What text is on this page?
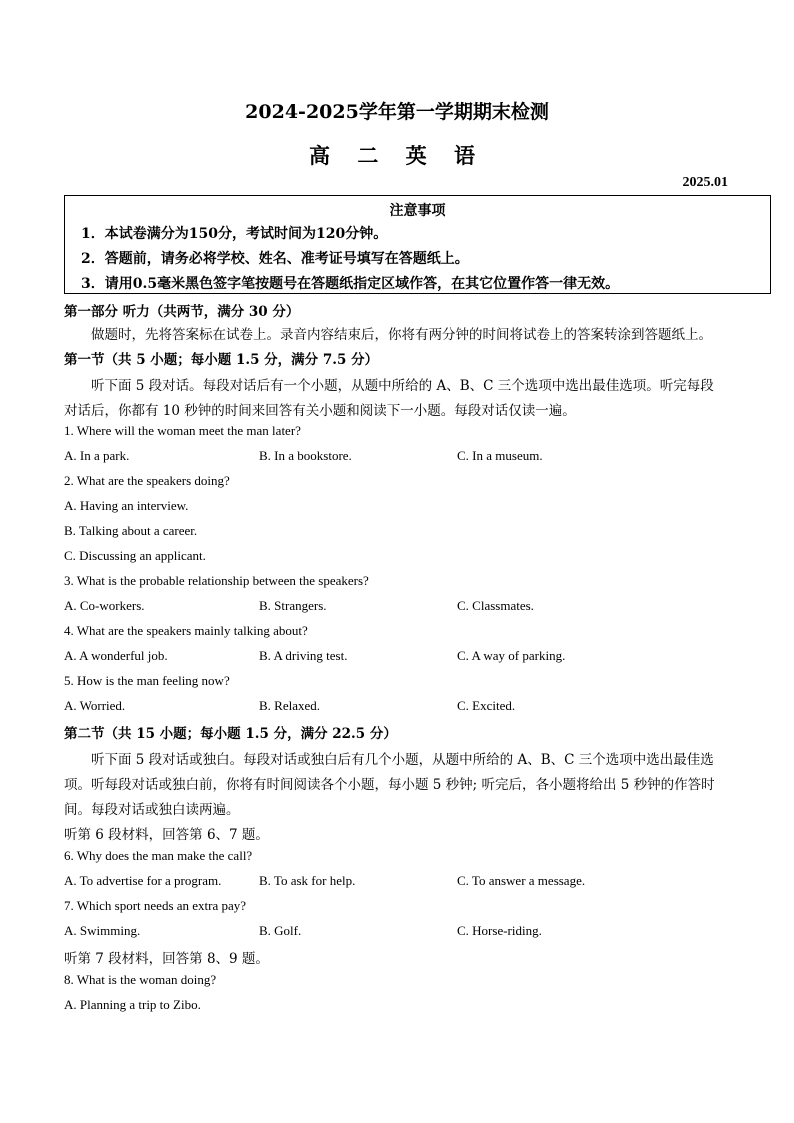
2024-2025学年第一学期期末检测
高 二 英 语
2025.01
注意事项
1．本试卷满分为150分，考试时间为120分钟。
2．答题前，请务必将学校、姓名、准考证号填写在答题纸上。
3．请用0.5毫米黑色签字笔按题号在答题纸指定区域作答，在其它位置作答一律无效。
第一部分 听力（共两节，满分 30 分）
做题时，先将答案标在试卷上。录音内容结束后，你将有两分钟的时间将试卷上的答案转涂到答题纸上。
第一节（共 5 小题；每小题 1.5 分，满分 7.5 分）
听下面 5 段对话。每段对话后有一个小题，从题中所给的 A、B、C 三个选项中选出最佳选项。听完每段
对话后，你都有 10 秒钟的时间来回答有关小题和阅读下一小题。每段对话仅读一遍。
1. Where will the woman meet the man later?
A. In a park.	B. In a bookstore.	C. In a museum.
2. What are the speakers doing?
A. Having an interview.
B. Talking about a career.
C. Discussing an applicant.
3. What is the probable relationship between the speakers?
A. Co-workers.	B. Strangers.	C. Classmates.
4. What are the speakers mainly talking about?
A. A wonderful job.	B. A driving test.	C. A way of parking.
5. How is the man feeling now?
A. Worried.	B. Relaxed.	C. Excited.
第二节（共 15 小题；每小题 1.5 分，满分 22.5 分）
听下面 5 段对话或独白。每段对话或独白后有几个小题，从题中所给的 A、B、C 三个选项中选出最佳选
项。听每段对话或独白前，你将有时间阅读各个小题，每小题 5 秒钟; 听完后，各小题将给出 5 秒钟的作答时
间。每段对话或独白读两遍。
听第 6 段材料，回答第 6、7 题。
6. Why does the man make the call?
A. To advertise for a program.	B. To ask for help.	C. To answer a message.
7. Which sport needs an extra pay?
A. Swimming.	B. Golf.	C. Horse-riding.
听第 7 段材料，回答第 8、9 题。
8. What is the woman doing?
A. Planning a trip to Zibo.
